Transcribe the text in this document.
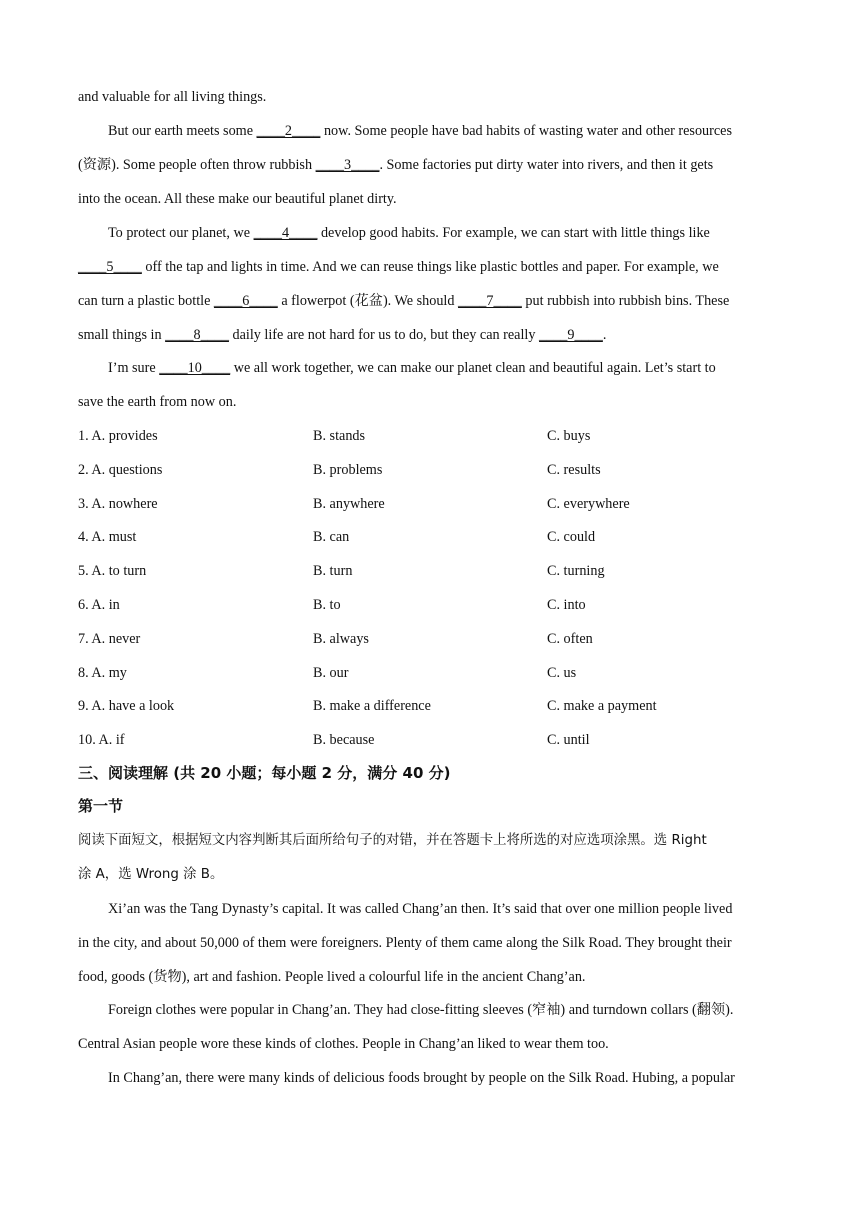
and valuable for all living things.
But our earth meets some ____2____ now. Some people have bad habits of wasting water and other resources
(资源). Some people often throw rubbish ____3____. Some factories put dirty water into rivers, and then it gets
into the ocean. All these make our beautiful planet dirty.
To protect our planet, we ____4____ develop good habits. For example, we can start with little things like
____5____ off the tap and lights in time. And we can reuse things like plastic bottles and paper. For example, we
can turn a plastic bottle ____6____ a flowerpot (花盆). We should ____7____ put rubbish into rubbish bins. These
small things in ____8____ daily life are not hard for us to do, but they can really ____9____.
I’m sure ____10____ we all work together, we can make our planet clean and beautiful again. Let’s start to
save the earth from now on.
1. A. provides	B. stands	C. buys
2. A. questions	B. problems	C. results
3. A. nowhere	B. anywhere	C. everywhere
4. A. must	B. can	C. could
5. A. to turn	B. turn	C. turning
6. A. in	B. to	C. into
7. A. never	B. always	C. often
8. A. my	B. our	C. us
9. A. have a look	B. make a difference	C. make a payment
10. A. if	B. because	C. until
三、阅读理解 (共 20 小题；每小题 2 分，满分 40 分)
第一节
阅读下面短文，根据短文内容判断其后面所给句子的对错，并在答题卡上将所选的对应选项涂黑。选 Right
涂 A，选 Wrong 涂 B。
Xi’an was the Tang Dynasty’s capital. It was called Chang’an then. It’s said that over one million people lived
in the city, and about 50,000 of them were foreigners. Plenty of them came along the Silk Road. They brought their
food, goods (货物), art and fashion. People lived a colourful life in the ancient Chang’an.
Foreign clothes were popular in Chang’an. They had close-fitting sleeves (窄袖) and turndown collars (翻领).
Central Asian people wore these kinds of clothes. People in Chang’an liked to wear them too.
In Chang’an, there were many kinds of delicious foods brought by people on the Silk Road. Hubing, a popular
